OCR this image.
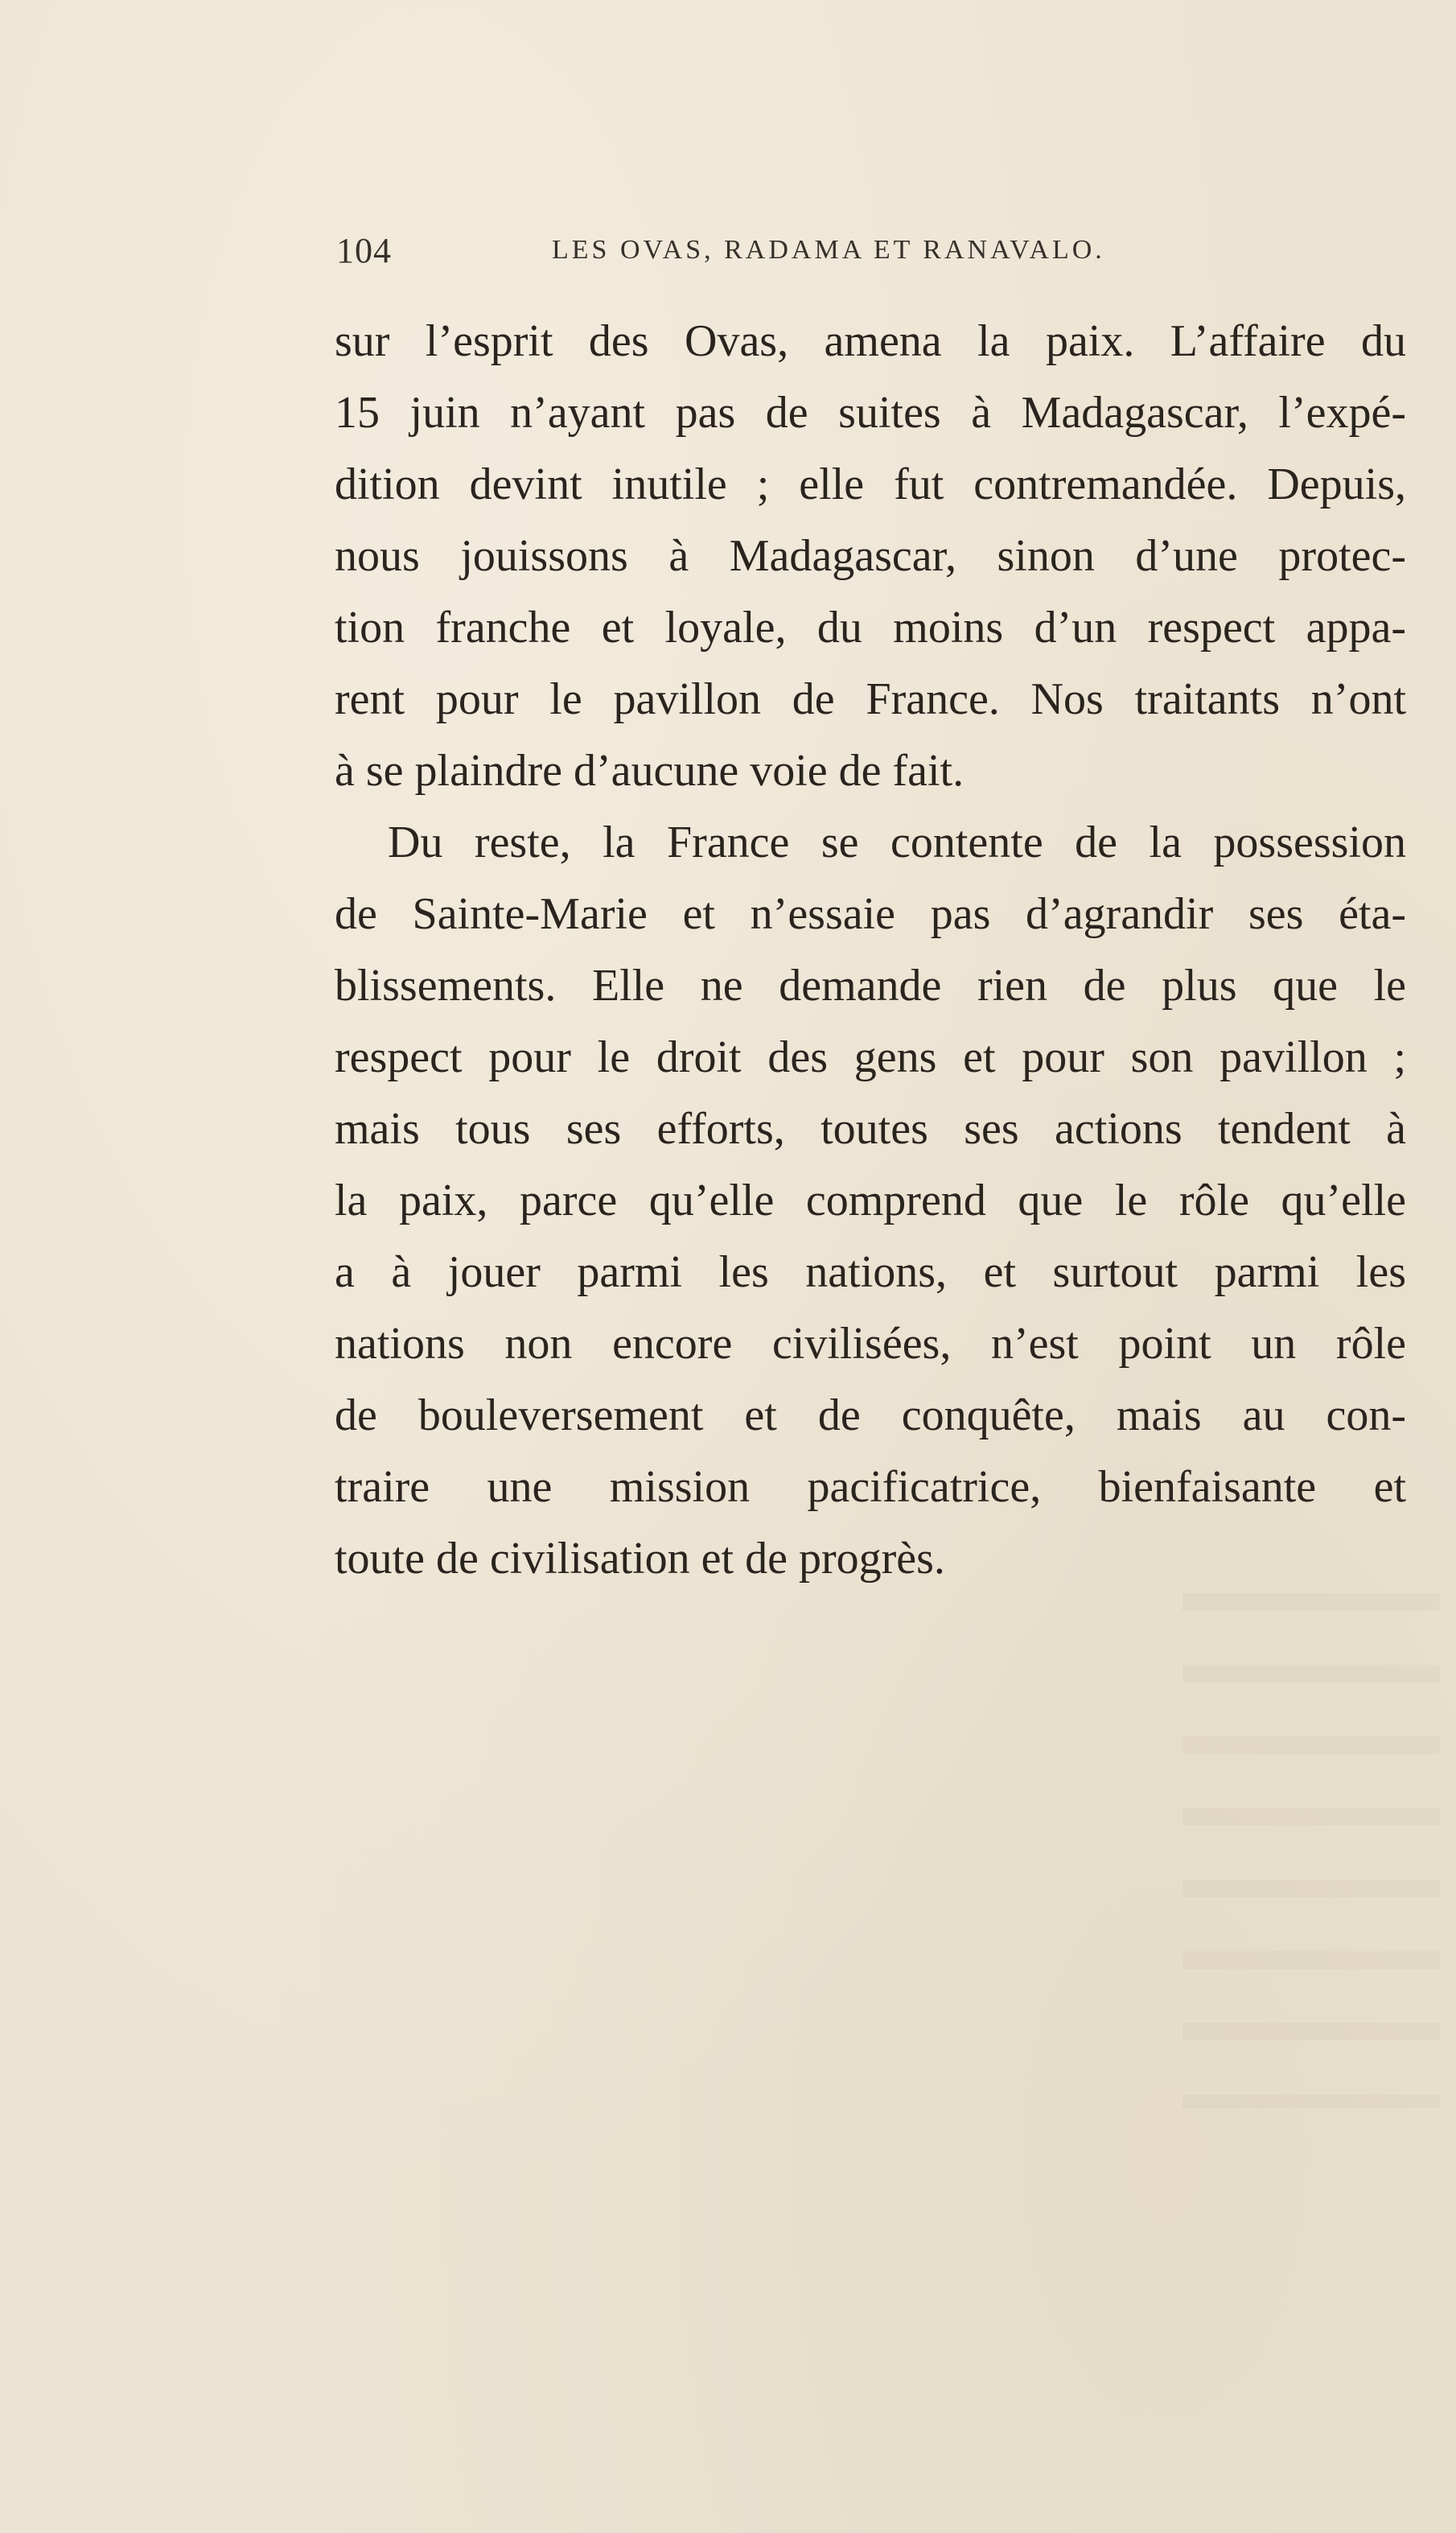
104	LES OVAS, RADAMA ET RANAVALO.
sur l’esprit des Ovas, amena la paix. L’affaire du
15 juin n’ayant pas de suites à Madagascar, l’expé-
dition devint inutile ; elle fut contremandée. Depuis,
nous jouissons à Madagascar, sinon d’une protec-
tion franche et loyale, du moins d’un respect appa-
rent pour le pavillon de France. Nos traitants n’ont
à se plaindre d’aucune voie de fait.
Du reste, la France se contente de la possession
de Sainte-Marie et n’essaie pas d’agrandir ses éta-
blissements. Elle ne demande rien de plus que le
respect pour le droit des gens et pour son pavillon ;
mais tous ses efforts, toutes ses actions tendent à
la paix, parce qu’elle comprend que le rôle qu’elle
a à jouer parmi les nations, et surtout parmi les
nations non encore civilisées, n’est point un rôle
de bouleversement et de conquête, mais au con-
traire une mission pacificatrice, bienfaisante et
toute de civilisation et de progrès.
